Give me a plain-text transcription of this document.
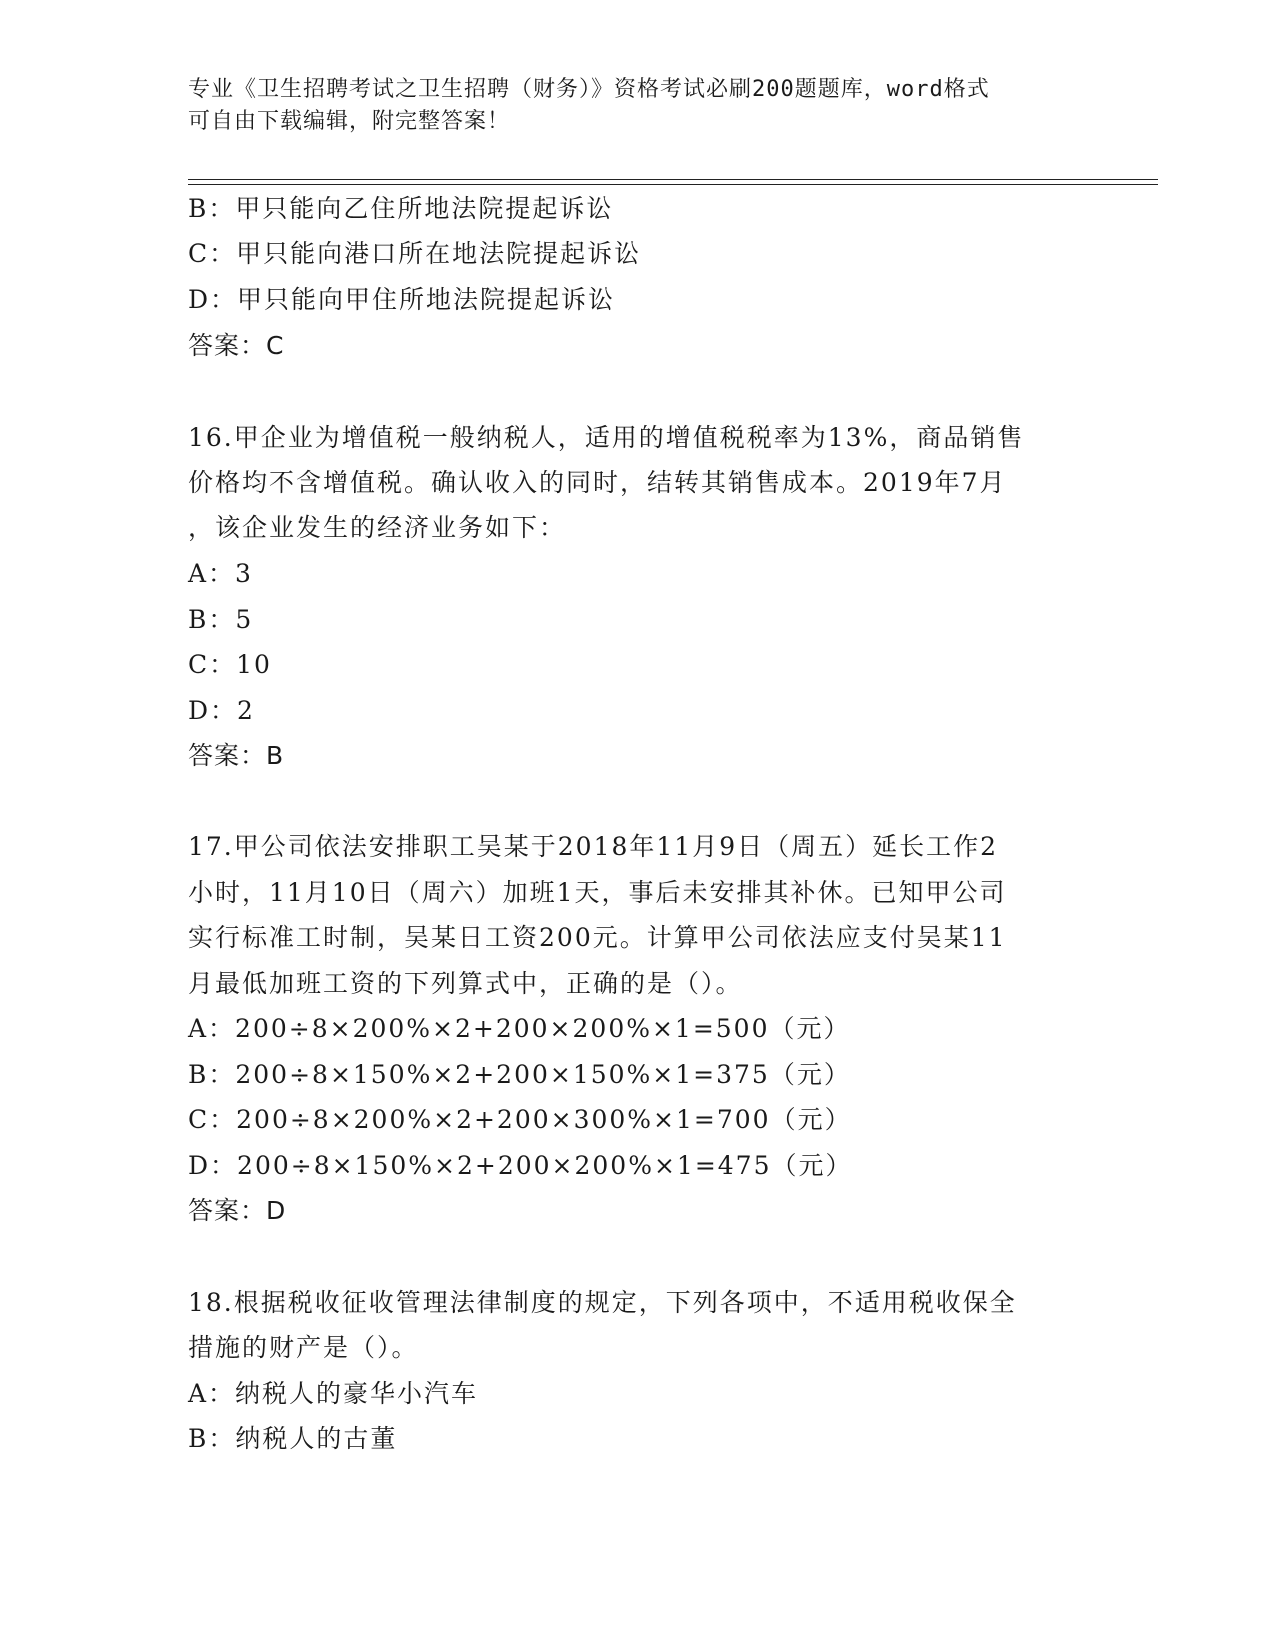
专业《卫生招聘考试之卫生招聘（财务）》资格考试必刷200题题库，word格式
可自由下载编辑，附完整答案！
B：甲只能向乙住所地法院提起诉讼
C：甲只能向港口所在地法院提起诉讼
D：甲只能向甲住所地法院提起诉讼
答案：C
16.甲企业为增值税一般纳税人，适用的增值税税率为13%，商品销售
价格均不含增值税。确认收入的同时，结转其销售成本。2019年7月
，该企业发生的经济业务如下：
A：3
B：5
C：10
D：2
答案：B
17.甲公司依法安排职工吴某于2018年11月9日（周五）延长工作2
小时，11月10日（周六）加班1天，事后未安排其补休。已知甲公司
实行标准工时制，吴某日工资200元。计算甲公司依法应支付吴某11
月最低加班工资的下列算式中，正确的是（）。
A：200÷8×200%×2+200×200%×1=500（元）
B：200÷8×150%×2+200×150%×1=375（元）
C：200÷8×200%×2+200×300%×1=700（元）
D：200÷8×150%×2+200×200%×1=475（元）
答案：D
18.根据税收征收管理法律制度的规定，下列各项中，不适用税收保全
措施的财产是（）。
A：纳税人的豪华小汽车
B：纳税人的古董
